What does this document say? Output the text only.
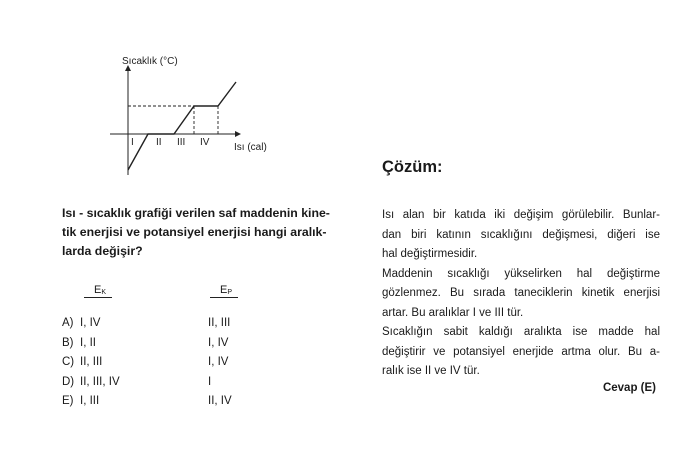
Sıcaklık (°C)
Isı (cal)
I II III IV
Isı - sıcaklık grafiği verilen saf maddenin kine-
tik enerjisi ve potansiyel enerjisi hangi aralık-
larda değişir?
$E_K$	$E_P$
A) I, IV	II, III
B) I, II	I, IV
C) II, III	I, IV
D) II, III, IV	I
E) I, III	II, IV
Çözüm:
Isı alan bir katıda iki değişim görülebilir. Bunlar-
dan biri katının sıcaklığını değişmesi, diğeri ise
hal değiştirmesidir.
Maddenin sıcaklığı yükselirken hal değiştirme
gözlenmez. Bu sırada taneciklerin kinetik enerjisi
artar. Bu aralıklar I ve III tür.
Sıcaklığın sabit kaldığı aralıkta ise madde hal
değiştirir ve potansiyel enerjide artma olur. Bu a-
ralık ise II ve IV tür.
Cevap (E)
